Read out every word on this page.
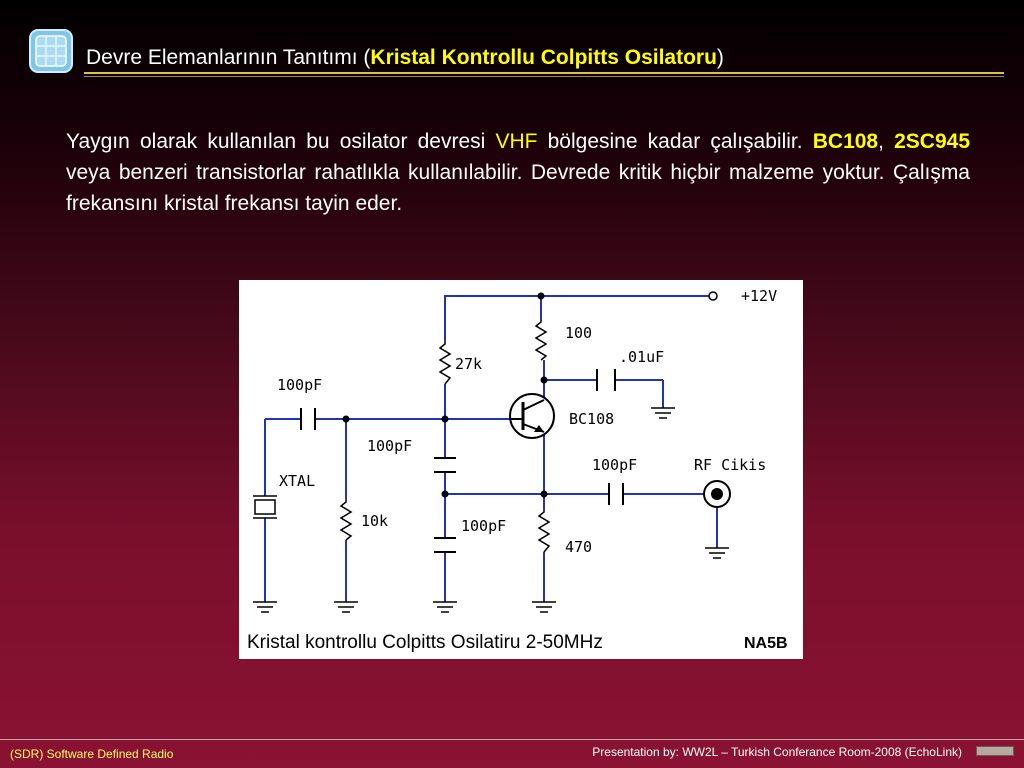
Devre Elemanlarının Tanıtımı (Kristal Kontrollu Colpitts Osilatoru)
Yaygın olarak kullanılan bu osilator devresi VHF bölgesine kadar çalışabilir. BC108, 2SC945 veya benzeri transistorlar rahatlıkla kullanılabilir. Devrede kritik hiçbir malzeme yoktur. Çalışma frekansını kristal frekansı tayin eder.
+12V
100
.01uF
27k
100pF
BC108
100pF
100pF	RF Cikis
XTAL
10k	100pF
470
Kristal kontrollu Colpitts Osilatiru 2-50MHz	NA5B
(SDR) Software Defined Radio	Presentation by: WW2L – Turkish Conferance Room-2008 (EchoLink)
